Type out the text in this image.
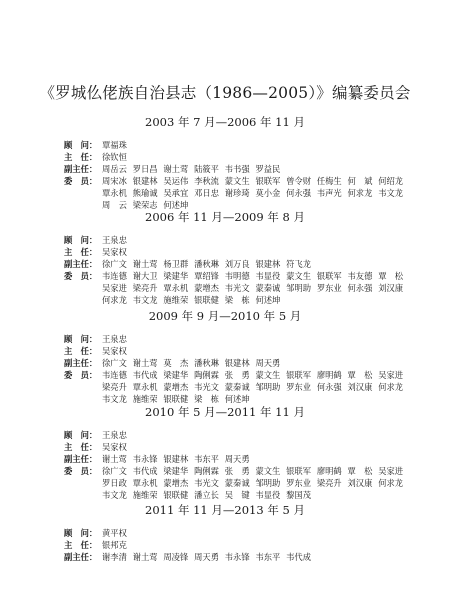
《罗城仫佬族自治县志（1986—2005）》编纂委员会
2003 年 7 月—2006 年 11 月
顾　问： 覃福珠
主　任： 徐钦恒
副主任： 周岳云 罗日昌 谢土莺 陆筱平 韦书强 罗益民
委　员： 周宋冰 银建林 吴运伟 李秋流 蒙文生 银联军 曾令财 任梅生 何　斌 何绍龙
覃永机 熊瑜诚 吴承宜 邓日忠 谢珍琦 莫小金 何永强 韦声光 何求龙 韦文龙
周　云 梁荣志 何述坤
2006 年 11 月—2009 年 8 月
顾　问： 王泉忠
主　任： 吴家权
副主任： 徐广文 谢土莺 杨卫群 潘秋琳 刘万良 银建林 符飞龙
委　员： 韦连德 谢大卫 梁建华 覃绍锋 韦明德 韦显役 蒙文生 银联军 韦友德 覃　松
吴家进 梁亮升 覃永机 蒙增杰 韦光文 蒙秦诚 邹明助 罗东业 何永强 刘汉康
何求龙 韦文龙 施维荣 银联健 梁　栋 何述坤
2009 年 9 月—2010 年 5 月
顾　问： 王泉忠
主　任： 吴家权
副主任： 徐广文 谢土莺 莫　杰 潘秋琳 银建林 周天勇
委　员： 韦连德 韦代成 梁建华 陶俐霖 张　勇 蒙文生 银联军 廖明鹤 覃　松 吴家进
梁亮升 覃永机 蒙增杰 韦光文 蒙秦诚 邹明助 罗东业 何永强 刘汉康 何求龙
韦文龙 施维荣 银联健 梁　栋 何述坤
2010 年 5 月—2011 年 11 月
顾　问： 王泉忠
主　任： 吴家权
副主任： 谢土莺 韦永锋 银建林 韦东平 周天勇
委　员： 徐广文 韦代成 梁建华 陶俐霖 张　勇 蒙文生 银联军 廖明鹤 覃　松 吴家进
罗日政 覃永机 蒙增杰 韦光文 蒙秦诚 邹明助 罗东业 梁亮升 刘汉康 何求龙
韦文龙 施维荣 银联健 潘立长 吴　键 韦显役 黎国茂
2011 年 11 月—2013 年 5 月
顾　问： 黄平权
主　任： 银邦克
副主任： 谢李清 谢土莺 周凌锋 周天勇 韦永锋 韦东平 韦代成
